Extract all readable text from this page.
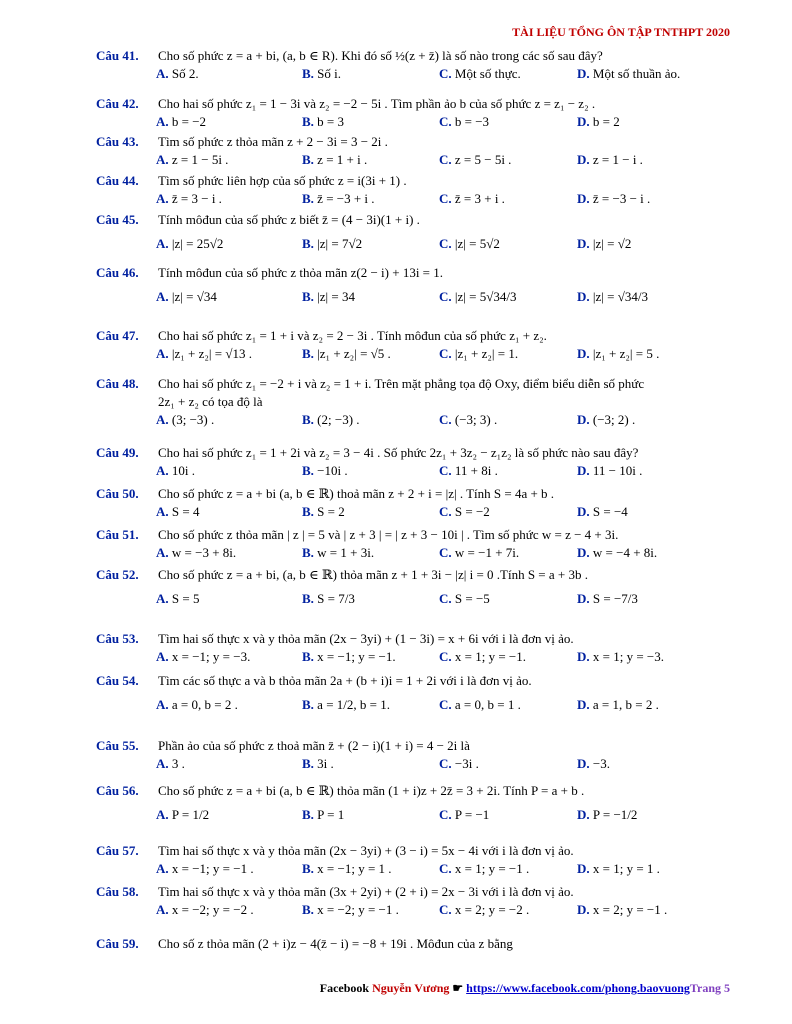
TÀI LIỆU TỔNG ÔN TẬP TNTHPT 2020
Câu 41.	Cho số phức z = a + bi, (a, b ∈ R). Khi đó số ½(z + z̄) là số nào trong các số sau đây?
A. Số 2.	B. Số i.	C. Một số thực.	D. Một số thuần ảo.
Câu 42.	Cho hai số phức z₁ = 1 − 3i và z₂ = −2 − 5i . Tìm phần ảo b của số phức z = z₁ − z₂ .
A. b = −2	B. b = 3	C. b = −3	D. b = 2
Câu 43.	Tìm số phức z thỏa mãn z + 2 − 3i = 3 − 2i .
A. z = 1 − 5i .	B. z = 1 + i .	C. z = 5 − 5i .	D. z = 1 − i .
Câu 44.	Tìm số phức liên hợp của số phức z = i(3i + 1) .
A. z̄ = 3 − i .	B. z̄ = −3 + i .	C. z̄ = 3 + i .	D. z̄ = −3 − i .
Câu 45.	Tính môđun của số phức z biết z̄ = (4 − 3i)(1 + i) .
A. |z| = 25√2	B. |z| = 7√2	C. |z| = 5√2	D. |z| = √2
Câu 46.	Tính môđun của số phức z thỏa mãn z(2 − i) + 13i = 1.
A. |z| = √34	B. |z| = 34	C. |z| = 5√34/3	D. |z| = √34/3
Câu 47.	Cho hai số phức z₁ = 1 + i và z₂ = 2 − 3i . Tính môđun của số phức z₁ + z₂.
A. |z₁ + z₂| = √13 .	B. |z₁ + z₂| = √5 .	C. |z₁ + z₂| = 1.	D. |z₁ + z₂| = 5 .
Câu 48.	Cho hai số phức z₁ = −2 + i và z₂ = 1 + i. Trên mặt phẳng tọa độ Oxy, điểm biểu diễn số phức
2z₁ + z₂ có tọa độ là
A. (3; −3) .	B. (2; −3) .	C. (−3; 3) .	D. (−3; 2) .
Câu 49.	Cho hai số phức z₁ = 1 + 2i và z₂ = 3 − 4i . Số phức 2z₁ + 3z₂ − z₁z₂ là số phức nào sau đây?
A. 10i .	B. −10i .	C. 11 + 8i .	D. 11 − 10i .
Câu 50.	Cho số phức z = a + bi (a, b ∈ ℝ) thoả mãn z + 2 + i = |z| . Tính S = 4a + b .
A. S = 4	B. S = 2	C. S = −2	D. S = −4
Câu 51.	Cho số phức z thỏa mãn | z | = 5 và | z + 3 | = | z + 3 − 10i | . Tìm số phức w = z − 4 + 3i.
A. w = −3 + 8i.	B. w = 1 + 3i.	C. w = −1 + 7i.	D. w = −4 + 8i.
Câu 52.	Cho số phức z = a + bi, (a, b ∈ ℝ) thỏa mãn z + 1 + 3i − |z| i = 0 .Tính S = a + 3b .
A. S = 5	B. S = 7/3	C. S = −5	D. S = −7/3
Câu 53.	Tìm hai số thực x và y thỏa mãn (2x − 3yi) + (1 − 3i) = x + 6i với i là đơn vị ảo.
A. x = −1; y = −3.	B. x = −1; y = −1.	C. x = 1; y = −1.	D. x = 1; y = −3.
Câu 54.	Tìm các số thực a và b thỏa mãn 2a + (b + i)i = 1 + 2i với i là đơn vị ảo.
A. a = 0, b = 2 .	B. a = 1/2, b = 1.	C. a = 0, b = 1 .	D. a = 1, b = 2 .
Câu 55.	Phần ảo của số phức z thoả mãn z̄ + (2 − i)(1 + i) = 4 − 2i là
A. 3 .	B. 3i .	C. −3i .	D. −3.
Câu 56.	Cho số phức z = a + bi (a, b ∈ ℝ) thỏa mãn (1 + i)z + 2z̄ = 3 + 2i. Tính P = a + b .
A. P = 1/2	B. P = 1	C. P = −1	D. P = −1/2
Câu 57.	Tìm hai số thực x và y thỏa mãn (2x − 3yi) + (3 − i) = 5x − 4i với i là đơn vị ảo.
A. x = −1; y = −1 .	B. x = −1; y = 1 .	C. x = 1; y = −1 .	D. x = 1; y = 1 .
Câu 58.	Tìm hai số thực x và y thỏa mãn (3x + 2yi) + (2 + i) = 2x − 3i với i là đơn vị ảo.
A. x = −2; y = −2 .	B. x = −2; y = −1 .	C. x = 2; y = −2 .	D. x = 2; y = −1 .
Câu 59.	Cho số z thỏa mãn (2 + i)z − 4(z̄ − i) = −8 + 19i . Môđun của z bằng
Facebook Nguyễn Vương ☛ https://www.facebook.com/phong.baovuongTrang 5
